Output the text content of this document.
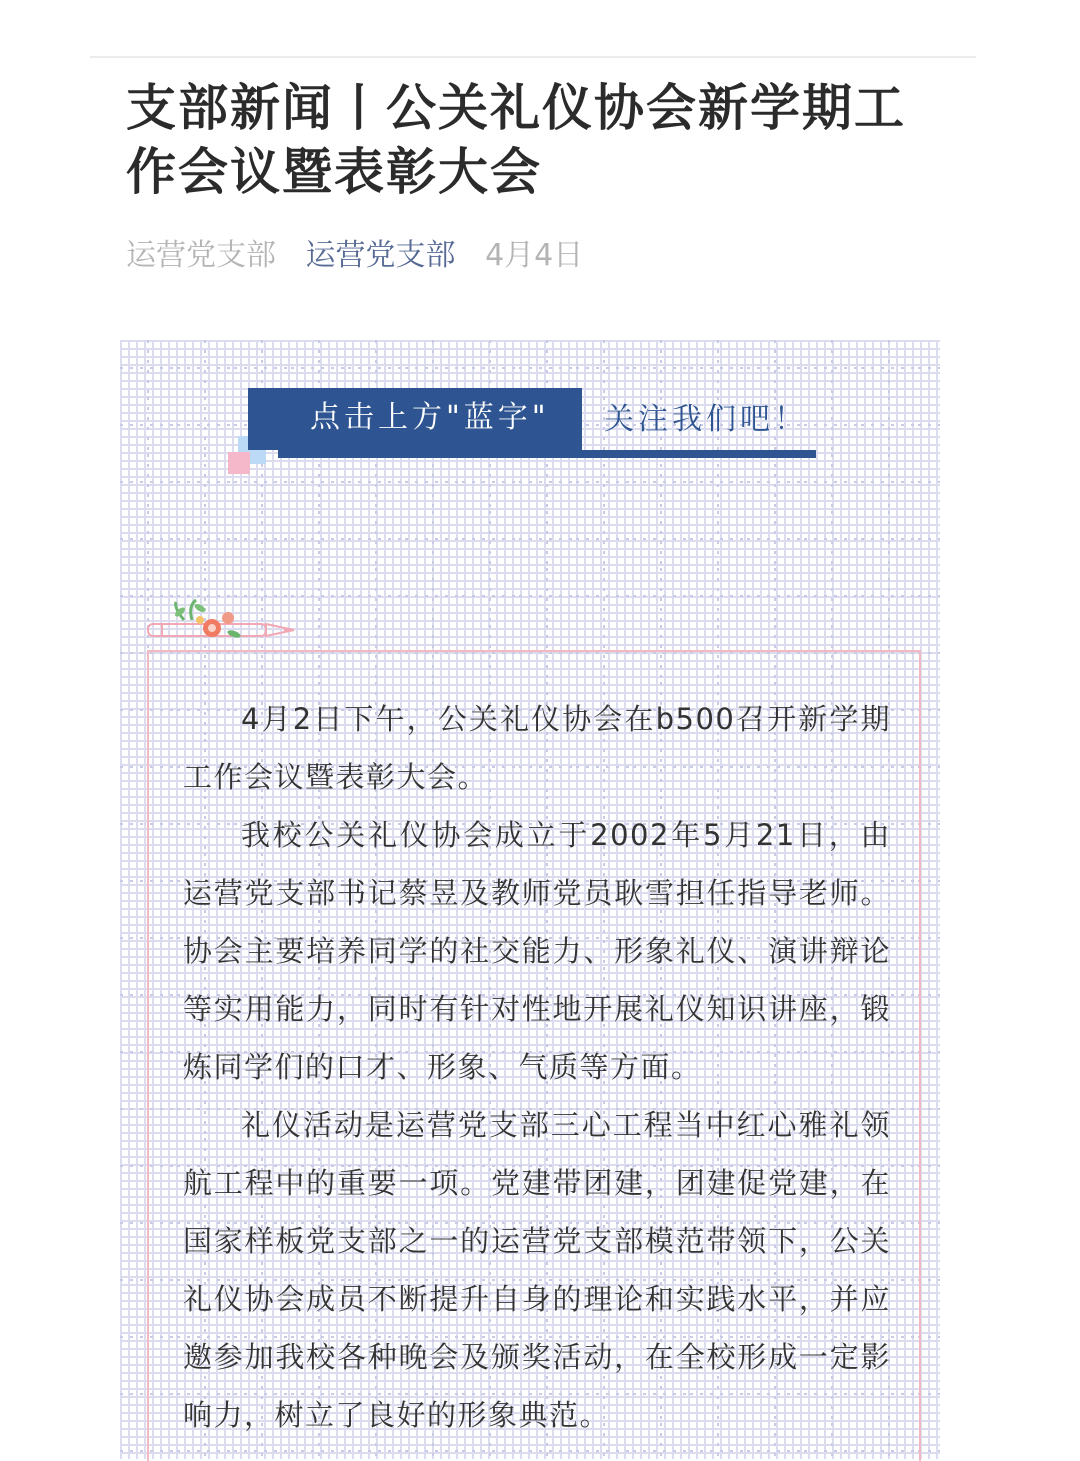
支部新闻丨公关礼仪协会新学期工作会议暨表彰大会
运营党支部 运营党支部 4月4日
点击上方"蓝字" 关注我们吧！

4月2日下午，公关礼仪协会在b500召开新学期工作会议暨表彰大会。

我校公关礼仪协会成立于2002年5月21日，由运营党支部书记蔡昱及教师党员耿雪担任指导老师。协会主要培养同学的社交能力、形象礼仪、演讲辩论等实用能力，同时有针对性地开展礼仪知识讲座，锻炼同学们的口才、形象、气质等方面。

礼仪活动是运营党支部三心工程当中红心雅礼领航工程中的重要一项。党建带团建，团建促党建，在国家样板党支部之一的运营党支部模范带领下，公关礼仪协会成员不断提升自身的理论和实践水平，并应邀参加我校各种晚会及颁奖活动，在全校形成一定影响力，树立了良好的形象典范。
